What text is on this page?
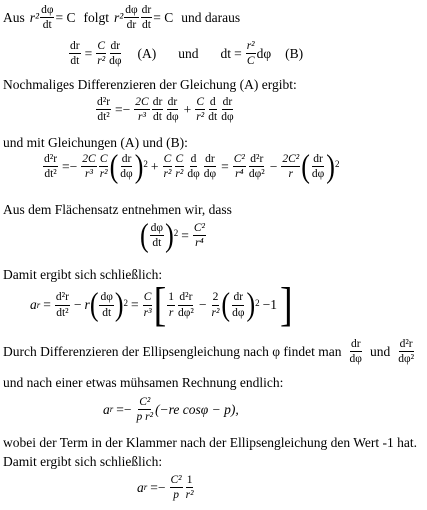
Aus $r^2 \frac{d\varphi}{dt} = C$ folgt $r^2 \frac{d\varphi}{dr} \frac{dr}{dt} = C$ und daraus
$\frac{dr}{dt} = \frac{C}{\text{r²}} \frac{dr}{d\varphi} (A)$ und dt = $\frac{\text{r²}}{C}$ dφ (B)
Nochmaliges Differenzieren der Gleichung (A) ergibt:
$\frac{\text{d²r}}{\text{dt²}} =- \frac{2C}{\text{r³}} \frac{dr}{dt} \frac{dr}{d\varphi} + \frac{C}{\text{r²}} \frac{d}{dt} \frac{dr}{d\varphi}$
und mit Gleichungen (A) und (B):
$\frac{\text{d²r}}{\text{dt²}} =- \frac{2C}{\text{r³}} \frac{C}{\text{r²}}$ ( $\frac{dr}{d\varphi} )^2 + \frac{C}{\text{r²}} \frac{C}{\text{r²}} \frac{d}{d\varphi} \frac{dr}{d\varphi} = \frac{\text{C²}}{\text{r⁴}} \frac{\text{d²r}}{\text{dφ²}} - \frac{\text{2C²}}{r}$ ( $\frac{dr}{d\varphi} )^2$
Aus dem Flächensatz entnehmen wir, dass
( $\frac{d\varphi}{dt} )^2 = \frac{\text{C²}}{\text{r⁴}}$
Damit ergibt sich schließlich:
a $r = \frac{\text{d²r}}{\text{dt²}} - r$ ( $\frac{d\varphi}{dt} )^2 = \frac{C}{\text{r³}}$ [ $\frac{1}{r} \frac{\text{d²r}}{\text{dφ²}} - \frac{2}{\text{r²}}$ ( $\frac{dr}{d\varphi} )^2 -1$ ]
Durch Differenzieren der Ellipsengleichung nach φ findet man $\frac{dr}{d\varphi}$ und $\frac{\text{d²r}}{\text{dφ²}}$
und nach einer etwas mühsamen Rechnung endlich:
a $r =- \frac{\text{C²}}{\text{p r²}} (-re$ cosφ − p),
wobei der Term in der Klammer nach der Ellipsengleichung den Wert -1 hat.
Damit ergibt sich schließlich:
a $r =- \frac{\text{C²}}{p} \frac{1}{\text{r²}}$
